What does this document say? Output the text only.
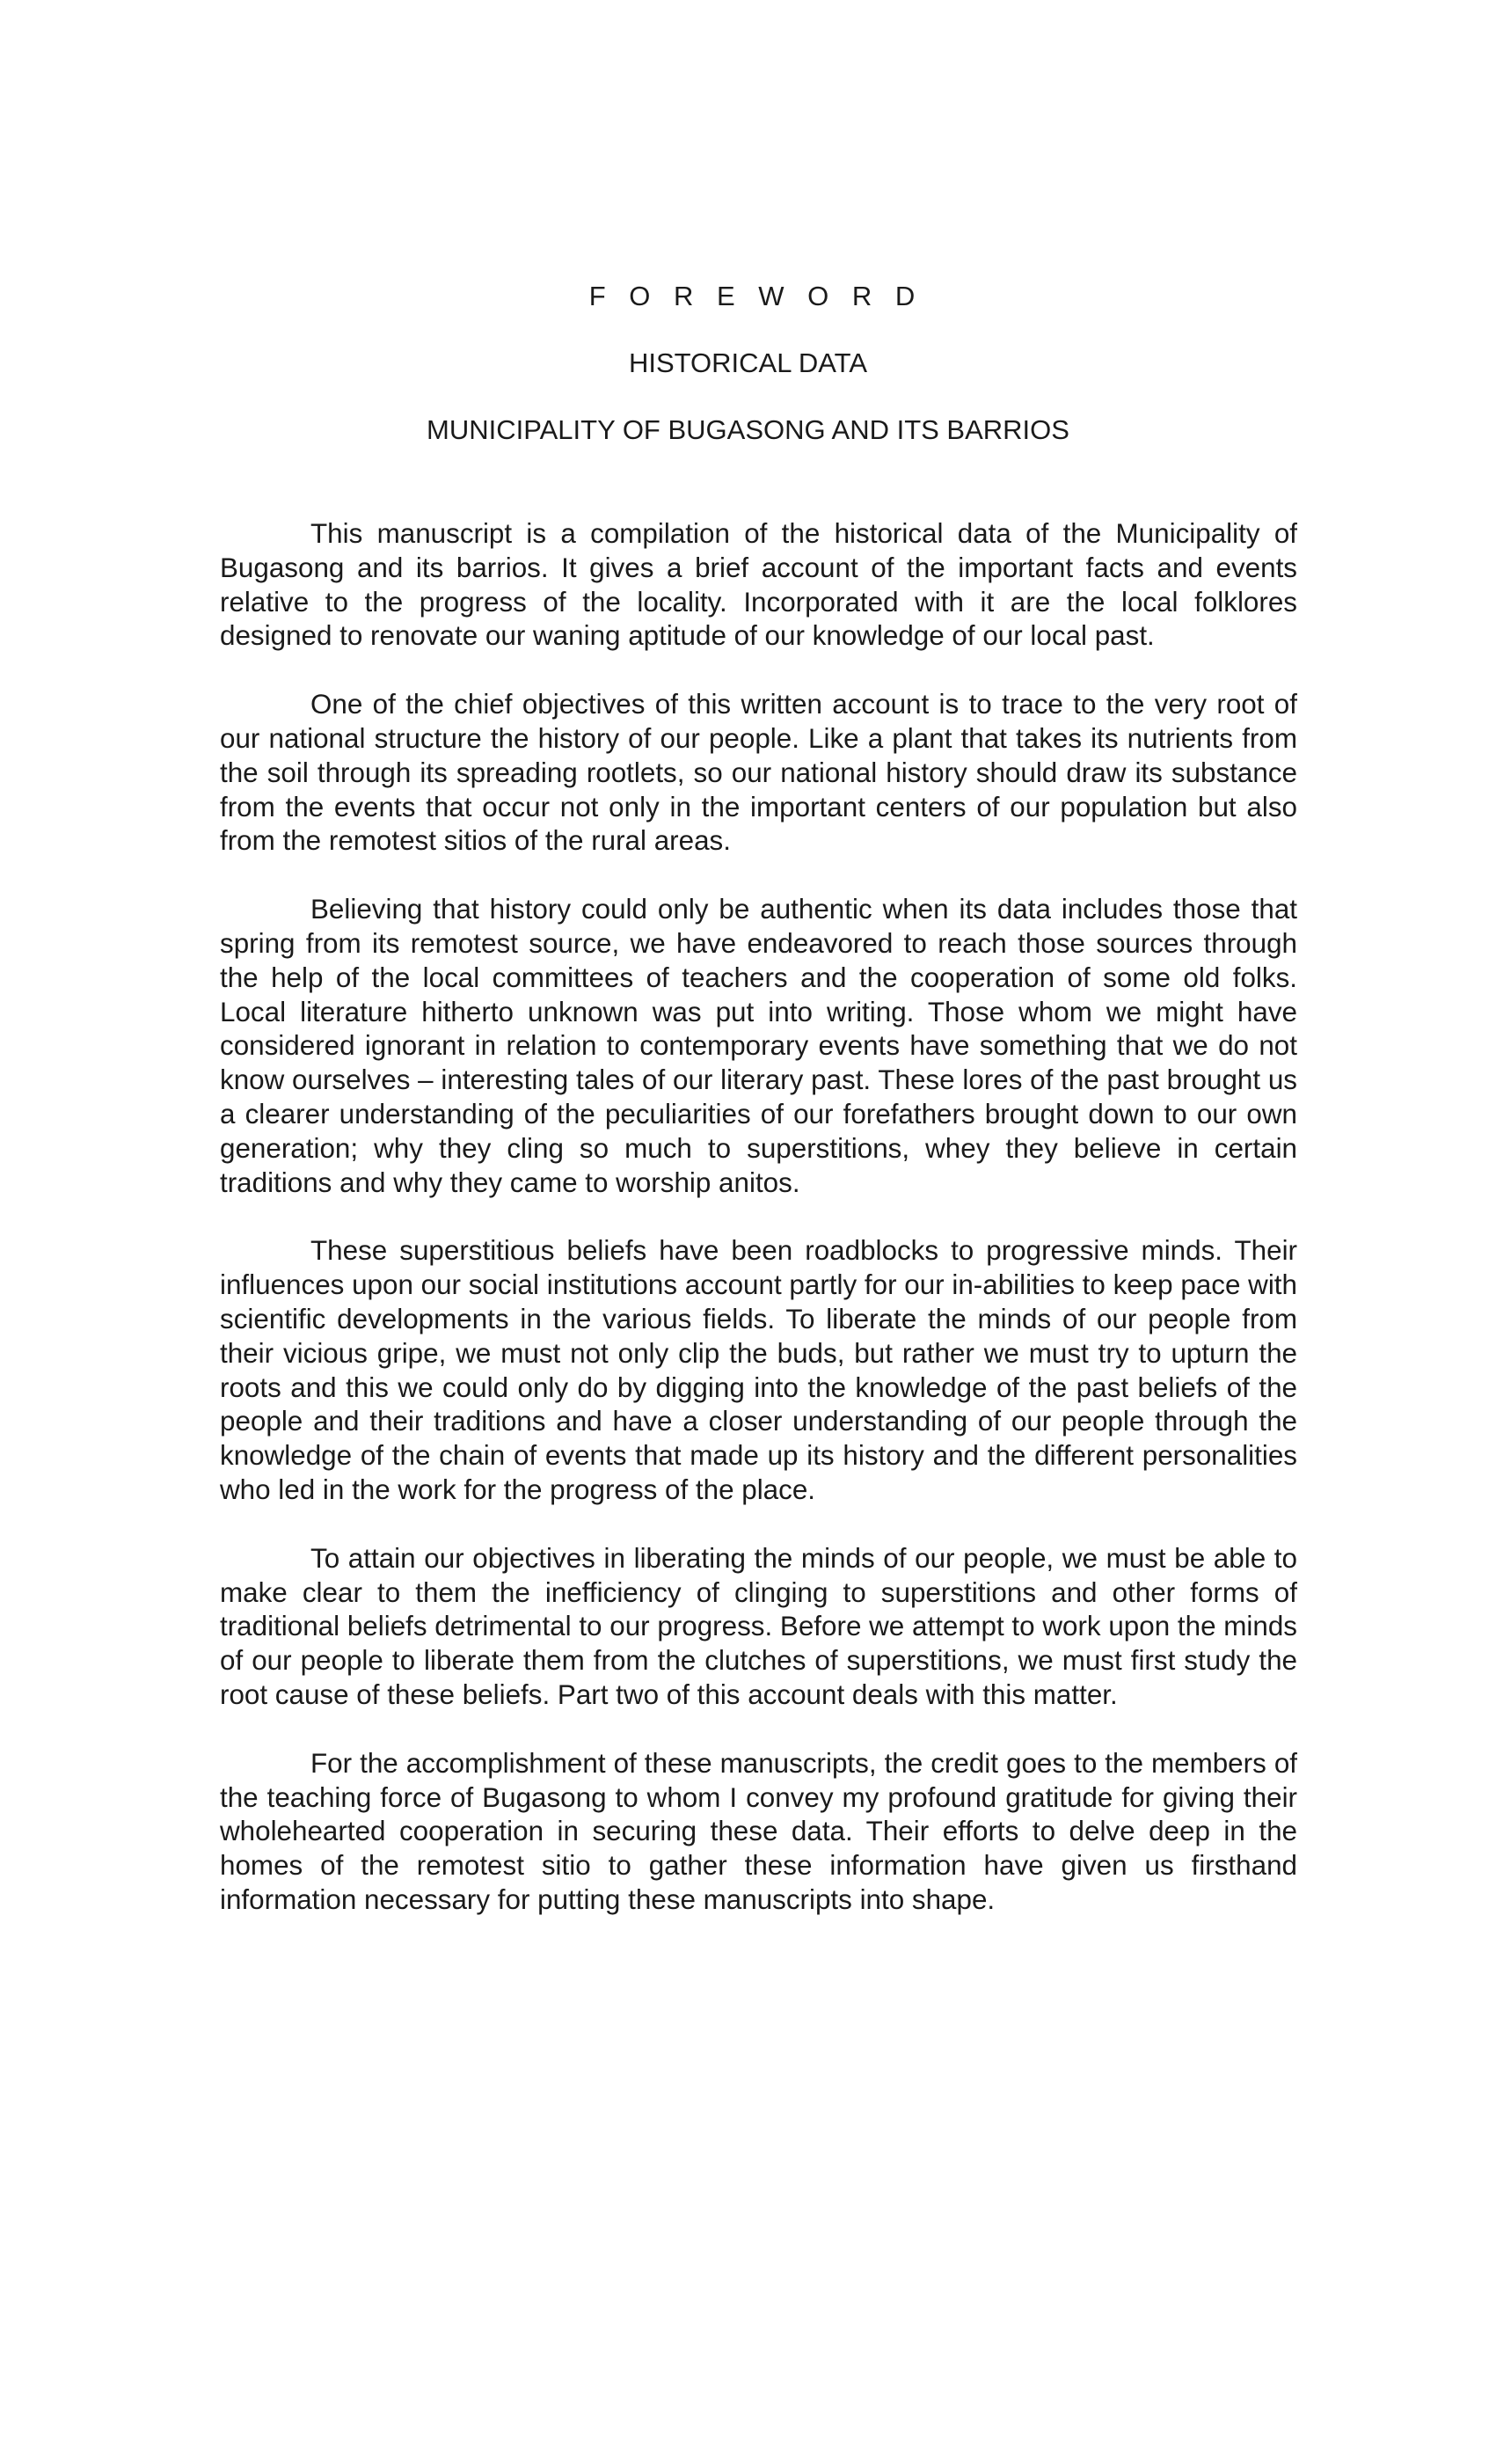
F O R E W O R D
HISTORICAL DATA
MUNICIPALITY OF BUGASONG AND ITS BARRIOS

This manuscript is a compilation of the historical data of the Municipality of Bugasong and its barrios. It gives a brief account of the important facts and events relative to the progress of the locality. Incorporated with it are the local folklores designed to renovate our waning aptitude of our knowledge of our local past.

One of the chief objectives of this written account is to trace to the very root of our national structure the history of our people. Like a plant that takes its nutrients from the soil through its spreading rootlets, so our national history should draw its substance from the events that occur not only in the important centers of our population but also from the remotest sitios of the rural areas.

Believing that history could only be authentic when its data includes those that spring from its remotest source, we have endeavored to reach those sources through the help of the local committees of teachers and the cooperation of some old folks. Local literature hitherto unknown was put into writing. Those whom we might have considered ignorant in relation to contemporary events have something that we do not know ourselves – interesting tales of our literary past. These lores of the past brought us a clearer understanding of the peculiarities of our forefathers brought down to our own generation; why they cling so much to superstitions, whey they believe in certain traditions and why they came to worship anitos.

These superstitious beliefs have been roadblocks to progressive minds. Their influences upon our social institutions account partly for our in-abilities to keep pace with scientific developments in the various fields. To liberate the minds of our people from their vicious gripe, we must not only clip the buds, but rather we must try to upturn the roots and this we could only do by digging into the knowledge of the past beliefs of the people and their traditions and have a closer understanding of our people through the knowledge of the chain of events that made up its history and the different personalities who led in the work for the progress of the place.

To attain our objectives in liberating the minds of our people, we must be able to make clear to them the inefficiency of clinging to superstitions and other forms of traditional beliefs detrimental to our progress. Before we attempt to work upon the minds of our people to liberate them from the clutches of superstitions, we must first study the root cause of these beliefs. Part two of this account deals with this matter.

For the accomplishment of these manuscripts, the credit goes to the members of the teaching force of Bugasong to whom I convey my profound gratitude for giving their wholehearted cooperation in securing these data. Their efforts to delve deep in the homes of the remotest sitio to gather these information have given us firsthand information necessary for putting these manuscripts into shape.
